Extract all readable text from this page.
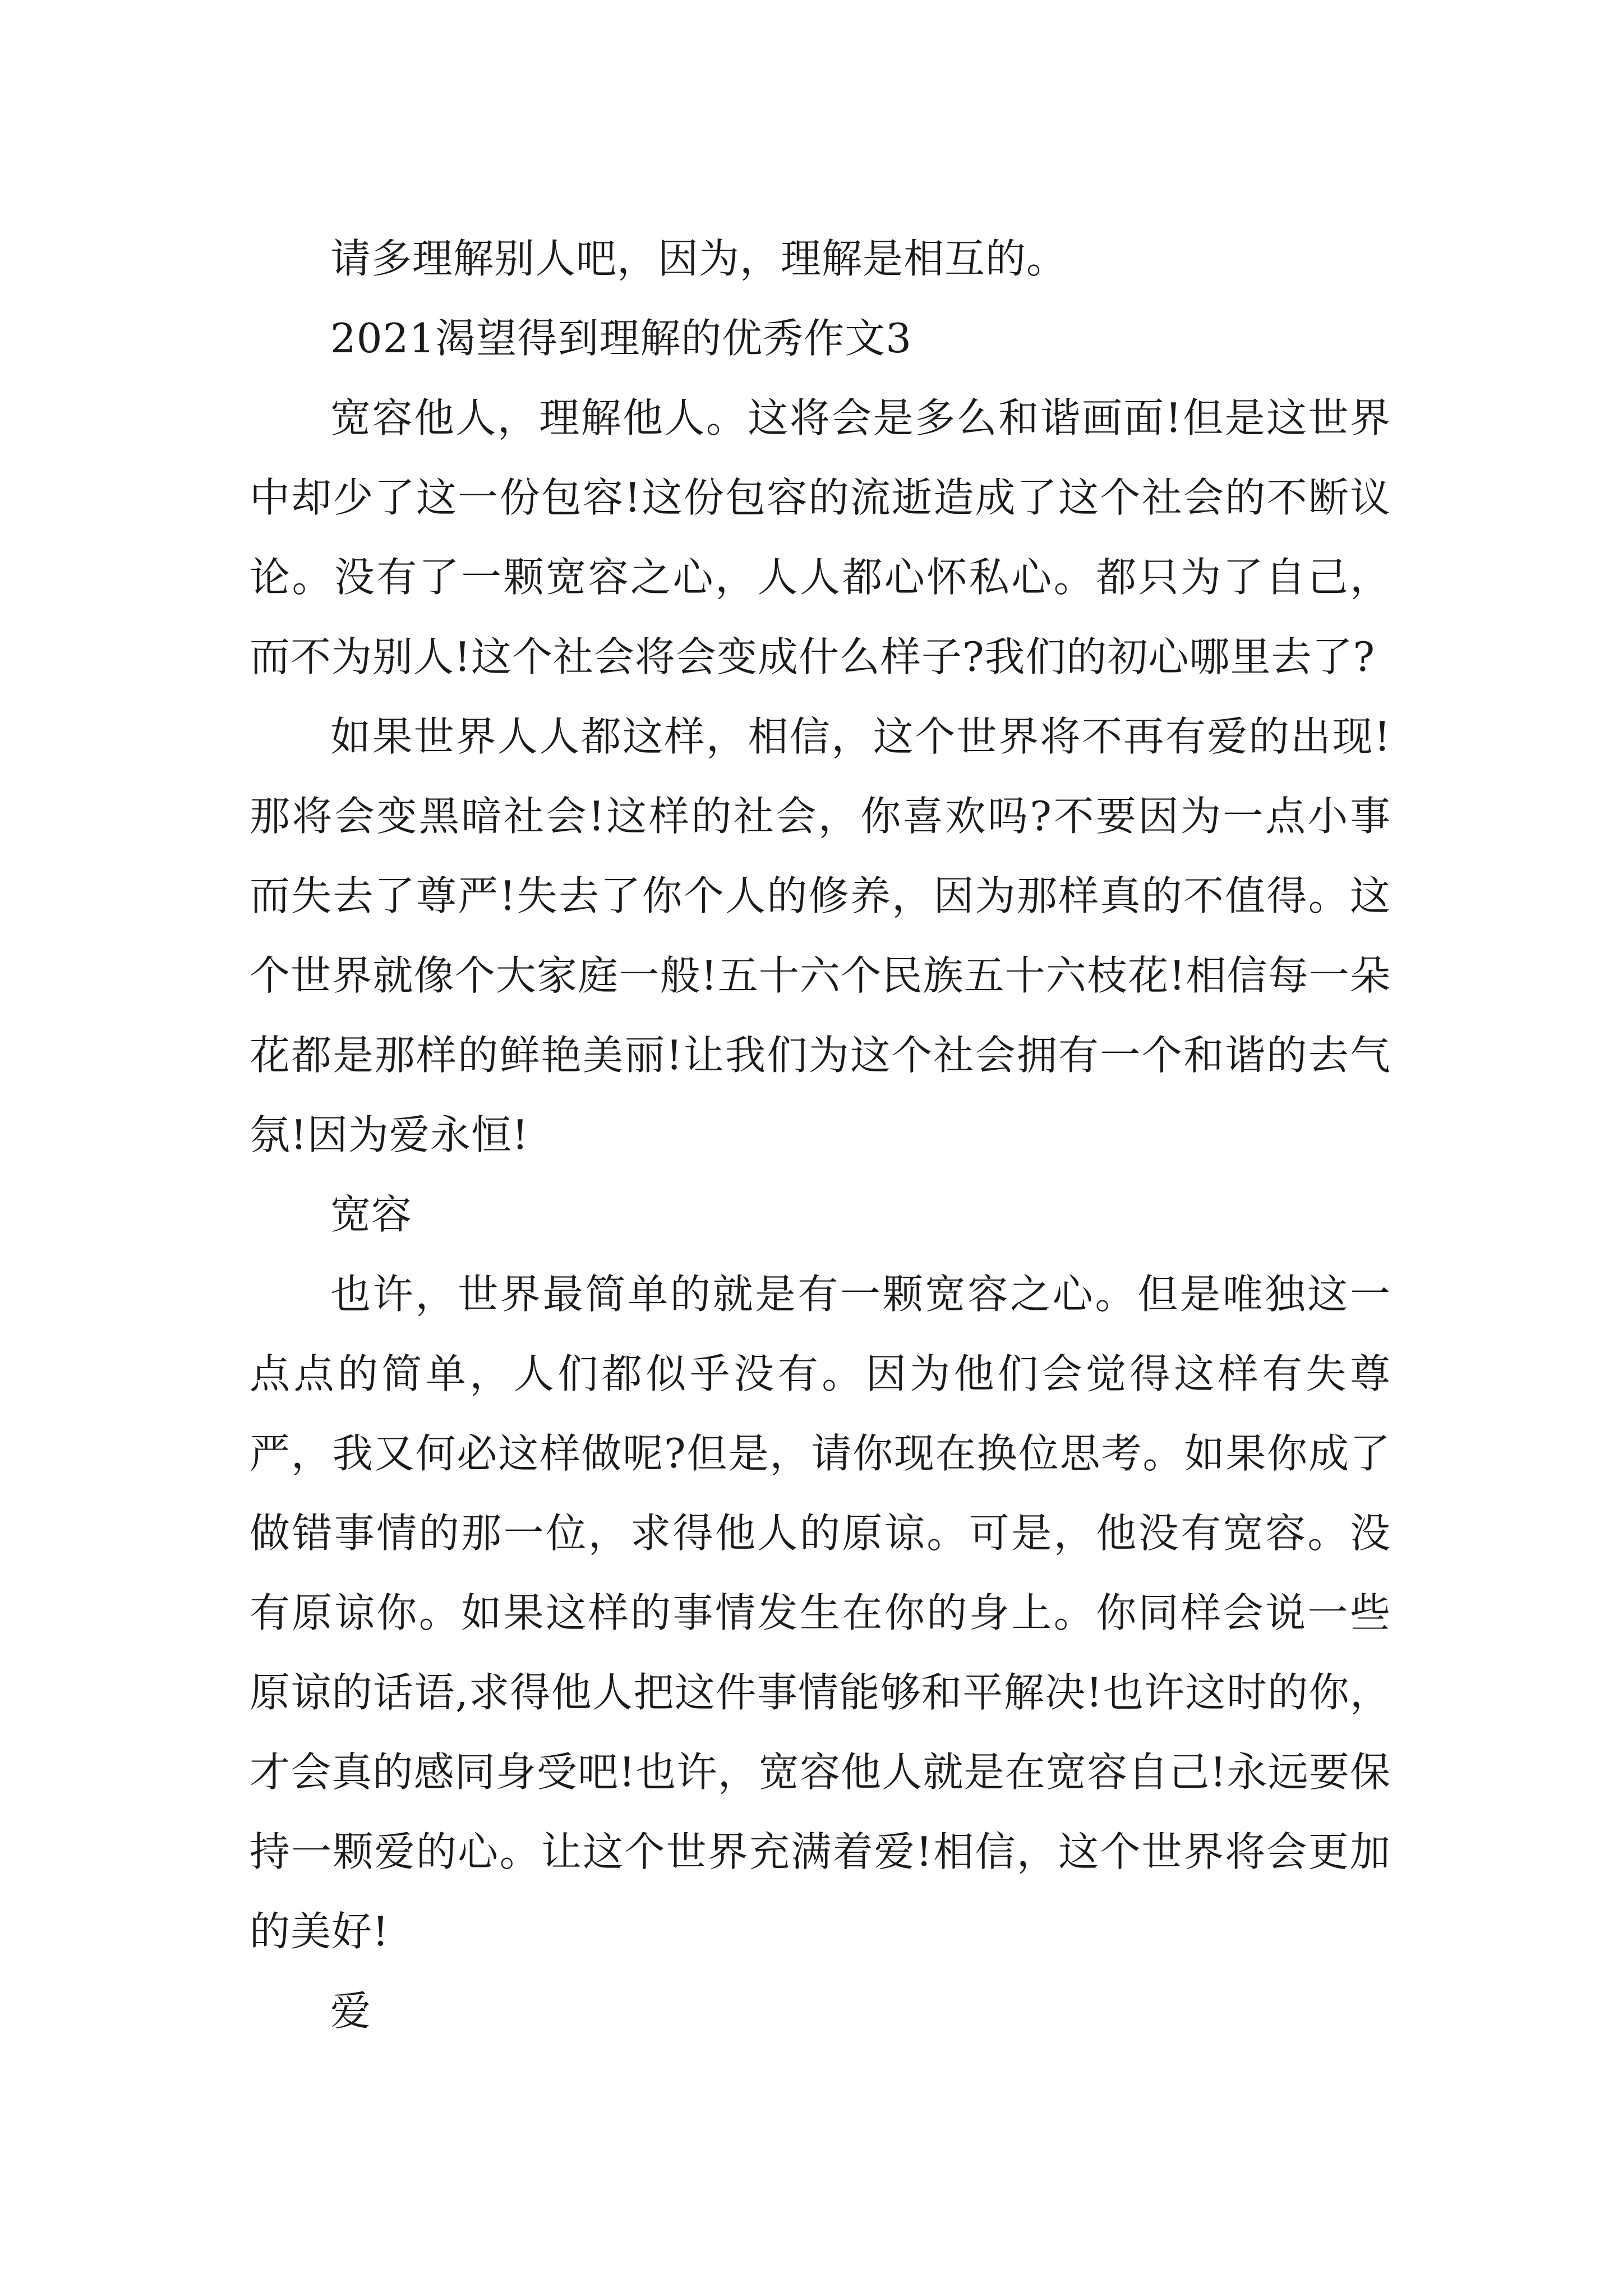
请多理解别人吧，因为，理解是相互的。

2021渴望得到理解的优秀作文3

宽容他人，理解他人。这将会是多么和谐画面!但是这世界中却少了这一份包容!这份包容的流逝造成了这个社会的不断议论。没有了一颗宽容之心，人人都心怀私心。都只为了自己，而不为别人!这个社会将会变成什么样子?我们的初心哪里去了?

如果世界人人都这样，相信，这个世界将不再有爱的出现!那将会变黑暗社会!这样的社会，你喜欢吗?不要因为一点小事而失去了尊严!失去了你个人的修养，因为那样真的不值得。这个世界就像个大家庭一般!五十六个民族五十六枝花!相信每一朵花都是那样的鲜艳美丽!让我们为这个社会拥有一个和谐的去气氛!因为爱永恒!

宽容

也许，世界最简单的就是有一颗宽容之心。但是唯独这一点点的简单，人们都似乎没有。因为他们会觉得这样有失尊严，我又何必这样做呢?但是，请你现在换位思考。如果你成了做错事情的那一位，求得他人的原谅。可是，他没有宽容。没有原谅你。如果这样的事情发生在你的身上。你同样会说一些原谅的话语,求得他人把这件事情能够和平解决!也许这时的你，才会真的感同身受吧!也许，宽容他人就是在宽容自己!永远要保持一颗爱的心。让这个世界充满着爱!相信，这个世界将会更加的美好!

爱
